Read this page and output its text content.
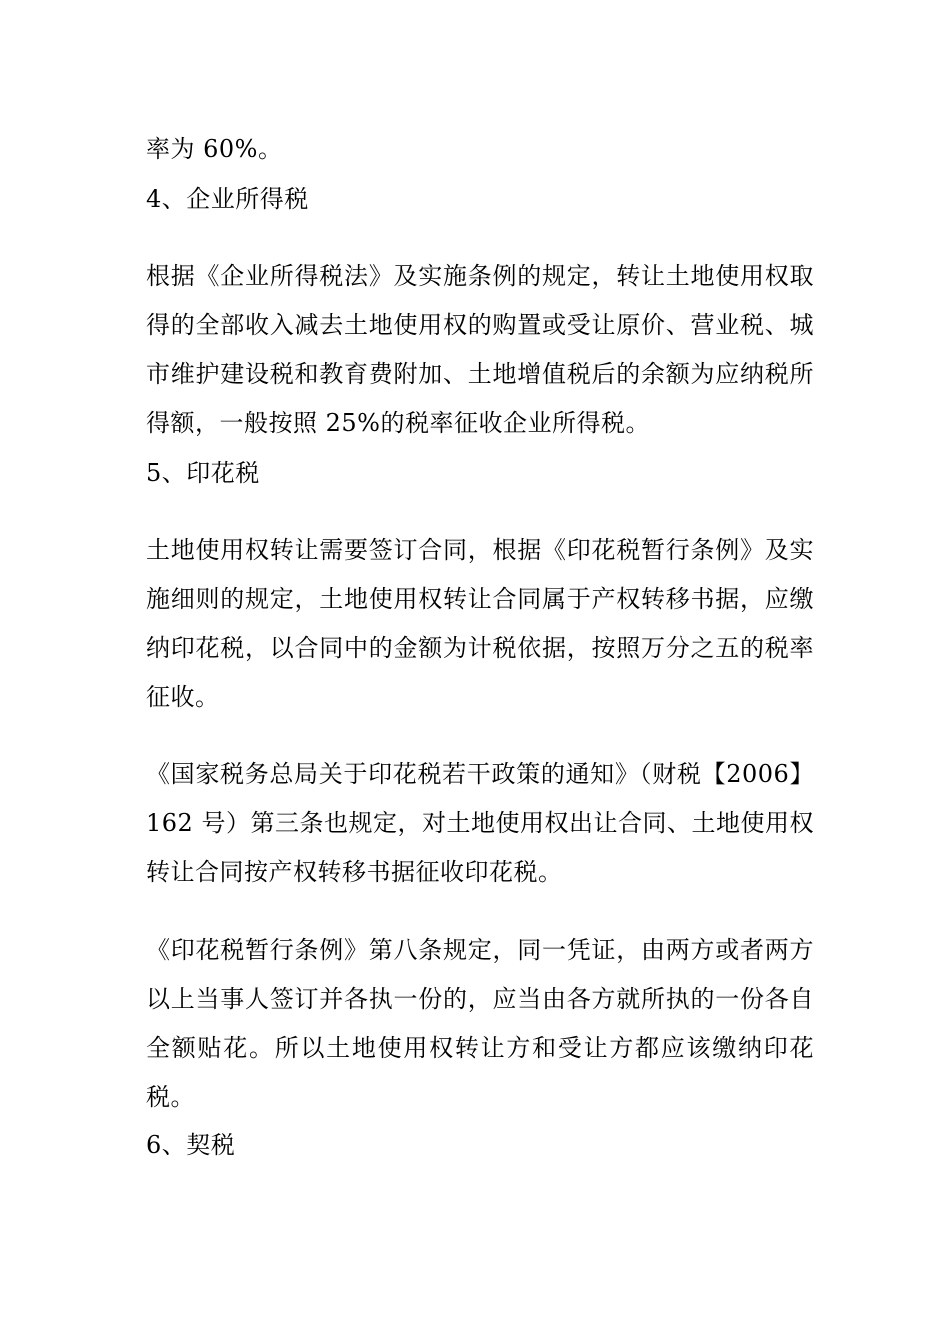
率为 60%。
4、企业所得税
根据《企业所得税法》及实施条例的规定，转让土地使用权取得的全部收入减去土地使用权的购置或受让原价、营业税、城市维护建设税和教育费附加、土地增值税后的余额为应纳税所得额，一般按照 25%的税率征收企业所得税。
5、印花税
土地使用权转让需要签订合同，根据《印花税暂行条例》及实施细则的规定，土地使用权转让合同属于产权转移书据，应缴纳印花税，以合同中的金额为计税依据，按照万分之五的税率征收。
《国家税务总局关于印花税若干政策的通知》（财税【2006】162 号）第三条也规定，对土地使用权出让合同、土地使用权转让合同按产权转移书据征收印花税。
《印花税暂行条例》第八条规定，同一凭证，由两方或者两方以上当事人签订并各执一份的，应当由各方就所执的一份各自全额贴花。所以土地使用权转让方和受让方都应该缴纳印花税。
6、契税
